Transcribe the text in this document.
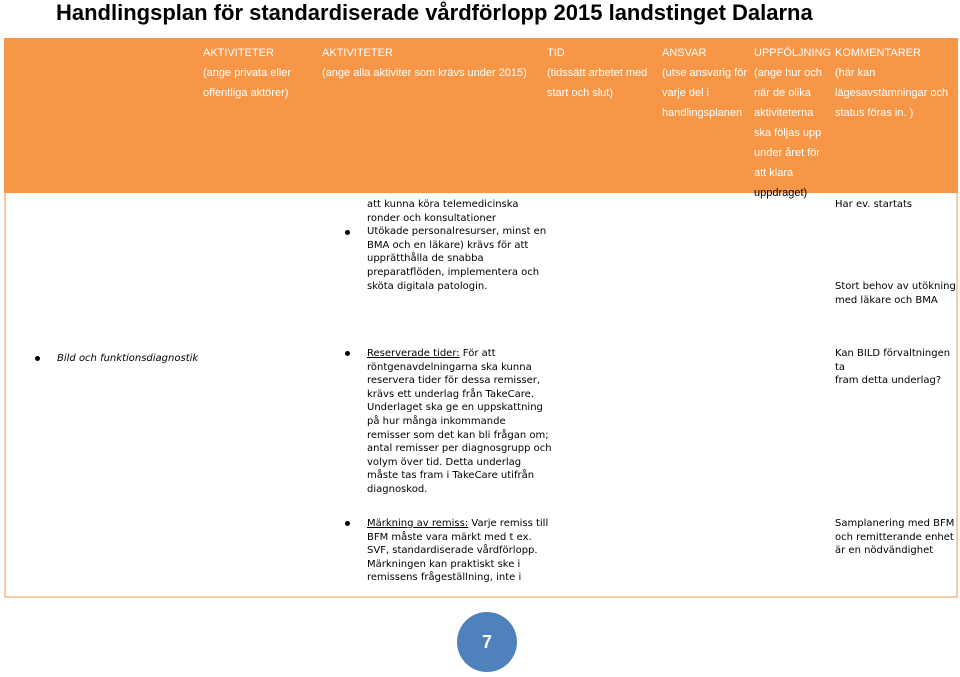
Handlingsplan för standardiserade vårdförlopp 2015 landstinget Dalarna
AKTIVITETER
(ange privata eller
offentliga aktörer)
AKTIVITETER
(ange alla aktiviter som krävs under 2015)
TID
(tidssätt arbetet med
start och slut)
ANSVAR
(utse ansvarig för
varje del i
handlingsplanen
UPPFÖLJNING
(ange hur och
när de olika
aktiviteterna
ska följas upp
under året för
att klara
uppdraget)
KOMMENTARER
(här kan
lägesavstämningar och
status föras in. )

att kunna köra telemedicinska

ronder och konsultationer

Utökade personalresurser, minst en

BMA och en läkare) krävs för att

upprätthålla de snabba

preparatflöden, implementera och

sköta digitala patologin.

Har ev. startats

Stort behov av utökning

med läkare och BMA

Bild och funktionsdiagnostik	Reserverade tider: För att

röntgenavdelningarna ska kunna

reservera tider för dessa remisser,

krävs ett underlag från TakeCare.

Underlaget ska ge en uppskattning

på hur många inkommande

remisser som det kan bli frågan om;

antal remisser per diagnosgrupp och

volym över tid. Detta underlag

måste tas fram i TakeCare utifrån

diagnoskod.

Kan BILD förvaltningen ta

fram detta underlag?

Märkning av remiss: Varje remiss till

BFM måste vara märkt med t ex.

SVF, standardiserade vårdförlopp.

Märkningen kan praktiskt ske i

remissens frågeställning, inte i

Samplanering med BFM

och remitterande enhet

är en nödvändighet

7
